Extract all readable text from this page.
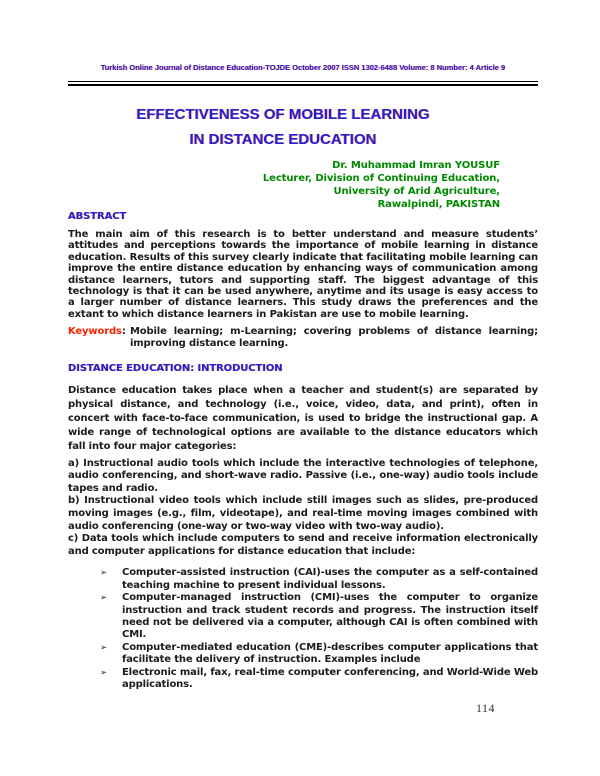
Turkish Online Journal of Distance Education-TOJDE October 2007 ISSN 1302-6488 Volume: 8 Number: 4 Article 9
EFFECTIVENESS OF MOBILE LEARNING
IN DISTANCE EDUCATION
Dr. Muhammad Imran YOUSUF
Lecturer, Division of Continuing Education,
University of Arid Agriculture,
Rawalpindi, PAKISTAN
ABSTRACT

The main aim of this research is to better understand and measure students’ attitudes and perceptions towards the importance of mobile learning in distance education. Results of this survey clearly indicate that facilitating mobile learning can improve the entire distance education by enhancing ways of communication among distance learners, tutors and supporting staff. The biggest advantage of this technology is that it can be used anywhere, anytime and its usage is easy access to a larger number of distance learners. This study draws the preferences and the extant to which distance learners in Pakistan are use to mobile learning.

Keywords: Mobile learning; m-Learning; covering problems of distance learning; improving distance learning.
DISTANCE EDUCATION: INTRODUCTION

Distance education takes place when a teacher and student(s) are separated by physical distance, and technology (i.e., voice, video, data, and print), often in concert with face-to-face communication, is used to bridge the instructional gap. A wide range of technological options are available to the distance educators which fall into four major categories:

a) Instructional audio tools which include the interactive technologies of telephone, audio conferencing, and short-wave radio. Passive (i.e., one-way) audio tools include tapes and radio.
b) Instructional video tools which include still images such as slides, pre-produced moving images (e.g., film, videotape), and real-time moving images combined with audio conferencing (one-way or two-way video with two-way audio).
c) Data tools which include computers to send and receive information electronically and computer applications for distance education that include:
➢	Computer-assisted instruction (CAI)-uses the computer as a self-contained teaching machine to present individual lessons.
➢	Computer-managed instruction (CMI)-uses the computer to organize instruction and track student records and progress. The instruction itself need not be delivered via a computer, although CAI is often combined with CMI.
➢	Computer-mediated education (CME)-describes computer applications that facilitate the delivery of instruction. Examples include
➢	Electronic mail, fax, real-time computer conferencing, and World-Wide Web applications.
114
